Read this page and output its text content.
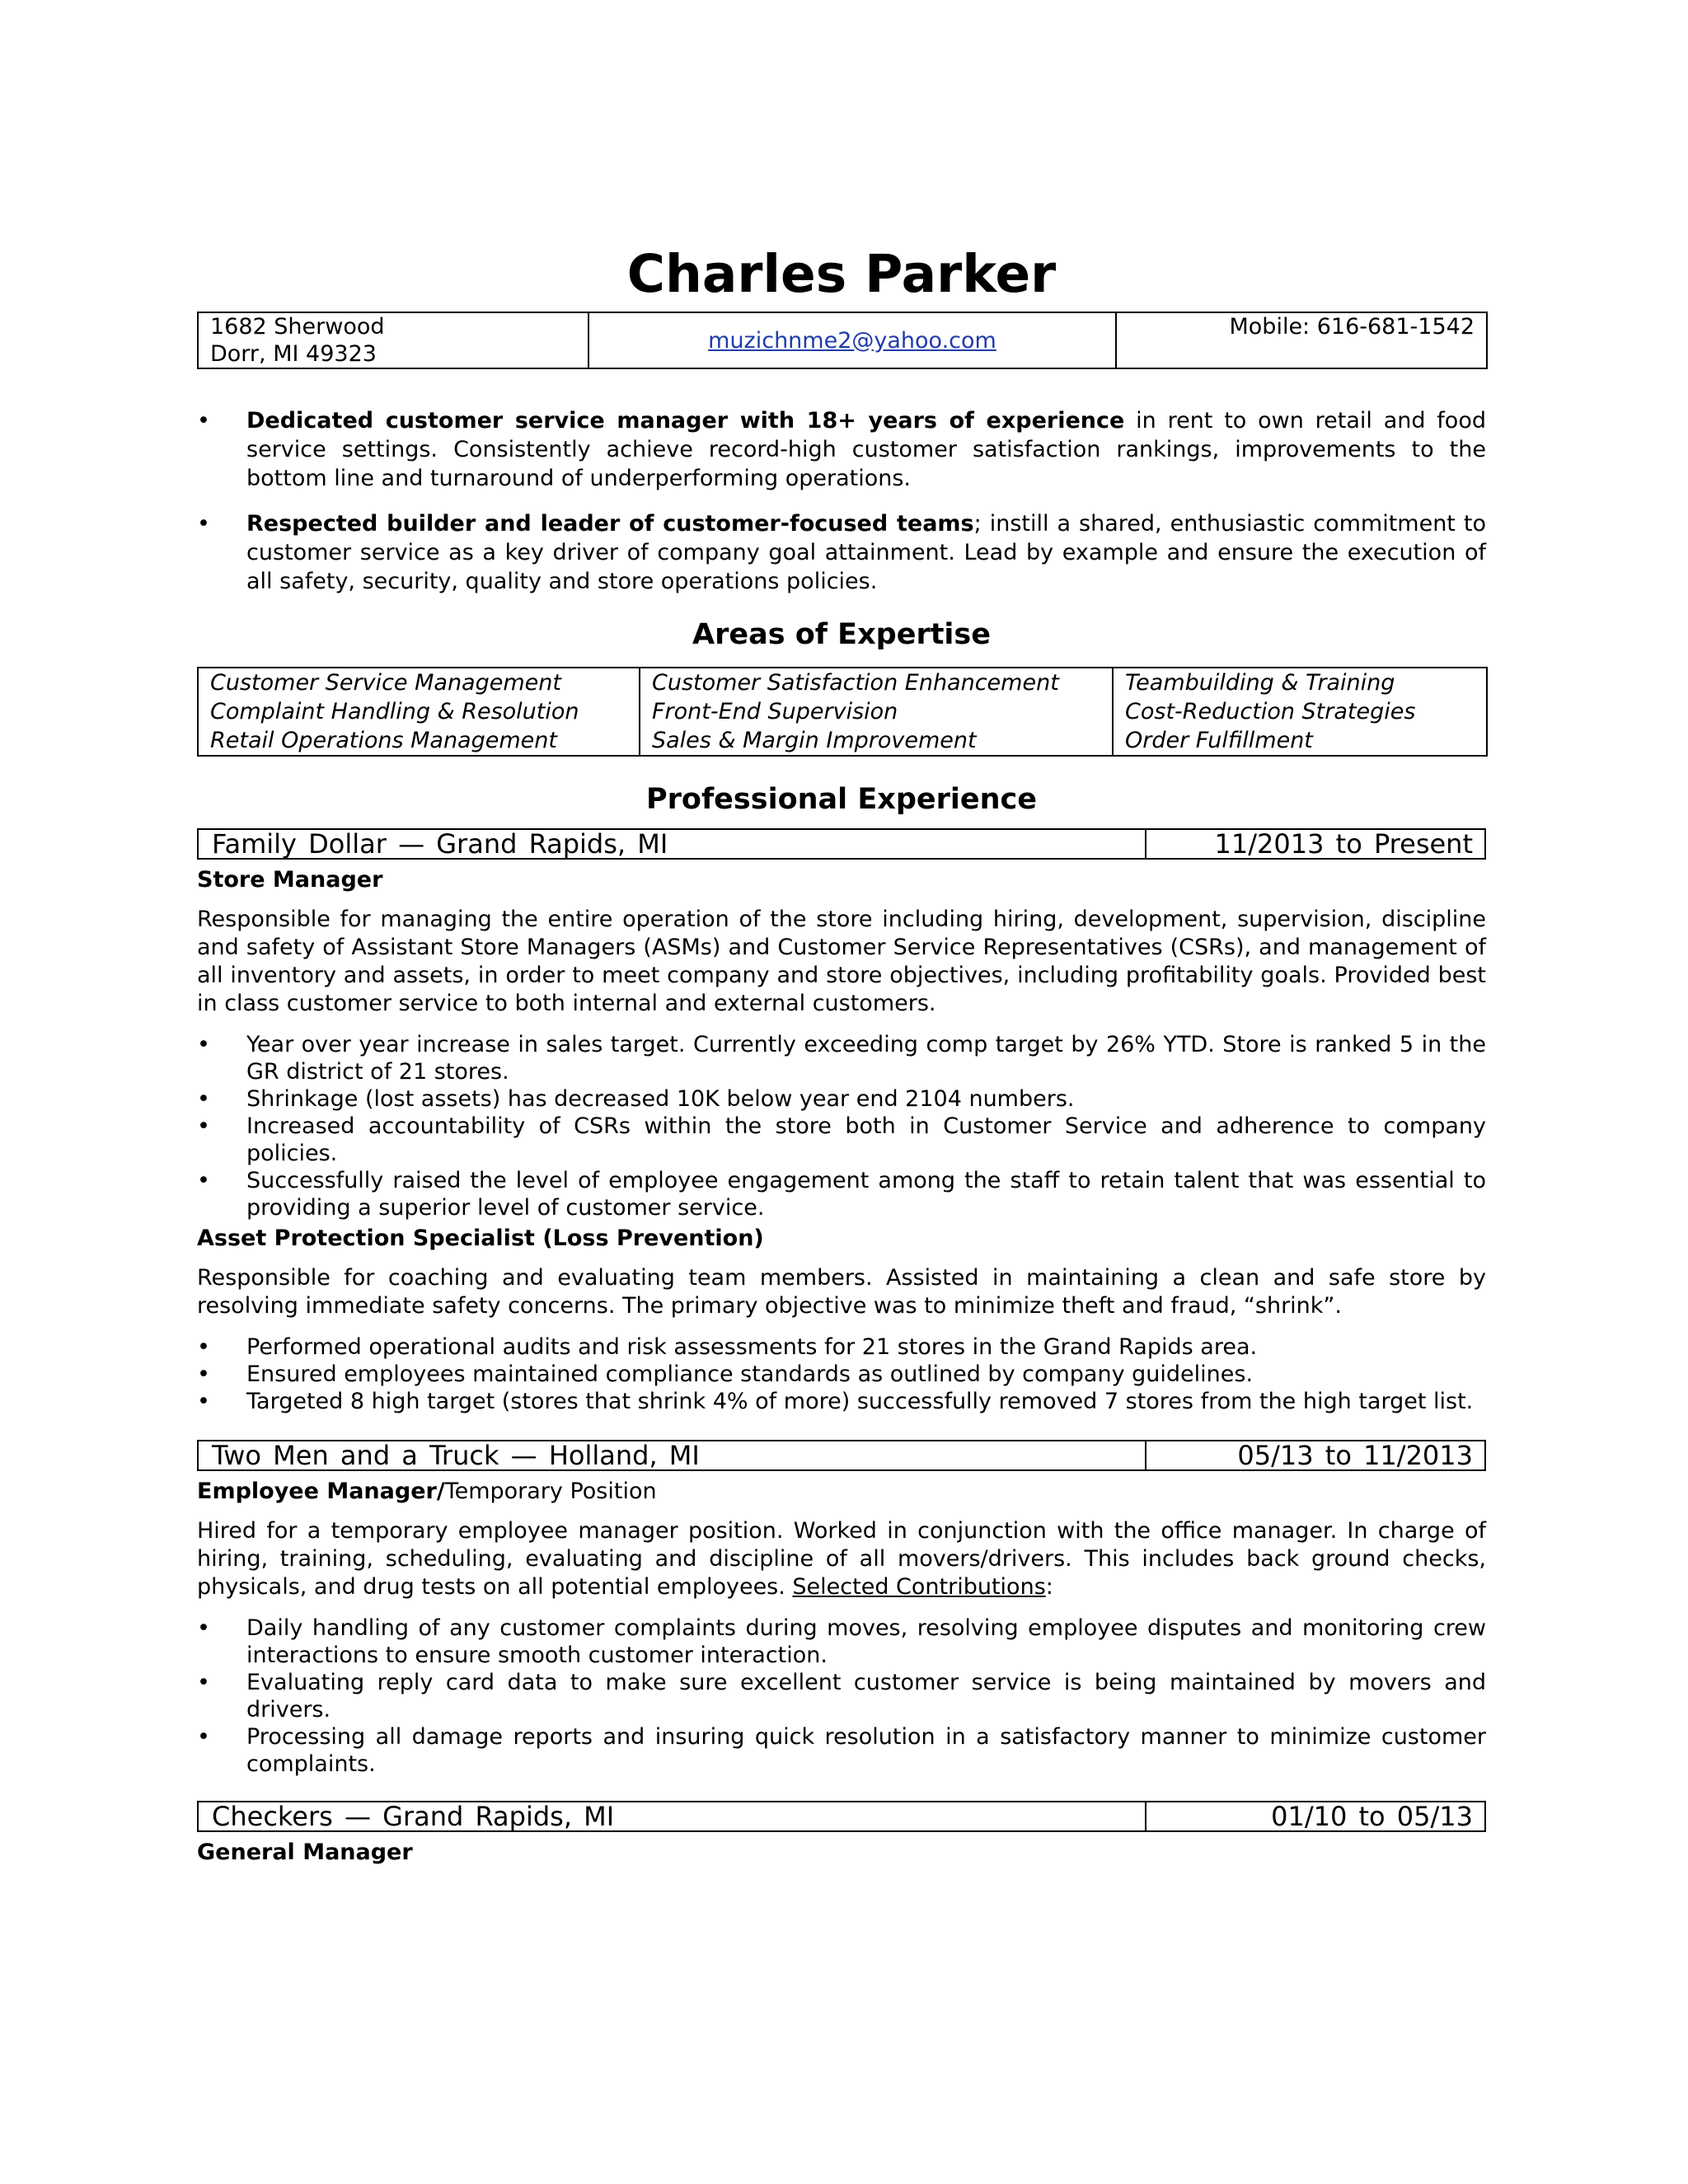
Charles Parker
1682 Sherwood
Dorr, MI 49323
	muzichnme2@yahoo.com	Mobile: 616-681-1542
• Dedicated customer service manager with 18+ years of experience in rent to own retail and food service settings. Consistently achieve record-high customer satisfaction rankings, improvements to the bottom line and turnaround of underperforming operations.
• Respected builder and leader of customer-focused teams; instill a shared, enthusiastic commitment to customer service as a key driver of company goal attainment. Lead by example and ensure the execution of all safety, security, quality and store operations policies.
Areas of Expertise
Customer Service Management
Complaint Handling & Resolution
Retail Operations Management

Customer Satisfaction Enhancement
Front-End Supervision
Sales & Margin Improvement

Teambuilding & Training
Cost-Reduction Strategies
Order Fulfillment
Professional Experience
Family Dollar — Grand Rapids, MI	11/2013 to Present
Store Manager

Responsible for managing the entire operation of the store including hiring, development, supervision, discipline and safety of Assistant Store Managers (ASMs) and Customer Service Representatives (CSRs), and management of all inventory and assets, in order to meet company and store objectives, including profitability goals. Provided best in class customer service to both internal and external customers.

• Year over year increase in sales target. Currently exceeding comp target by 26% YTD. Store is ranked 5 in the GR district of 21 stores.
• Shrinkage (lost assets) has decreased 10K below year end 2104 numbers.
• Increased accountability of CSRs within the store both in Customer Service and adherence to company policies.
• Successfully raised the level of employee engagement among the staff to retain talent that was essential to providing a superior level of customer service.
Asset Protection Specialist (Loss Prevention)

Responsible for coaching and evaluating team members. Assisted in maintaining a clean and safe store by resolving immediate safety concerns. The primary objective was to minimize theft and fraud, “shrink”.

• Performed operational audits and risk assessments for 21 stores in the Grand Rapids area.
• Ensured employees maintained compliance standards as outlined by company guidelines.
• Targeted 8 high target (stores that shrink 4% of more) successfully removed 7 stores from the high target list.
Two Men and a Truck — Holland, MI	05/13 to 11/2013
Employee Manager/Temporary Position

Hired for a temporary employee manager position. Worked in conjunction with the office manager. In charge of hiring, training, scheduling, evaluating and discipline of all movers/drivers. This includes back ground checks, physicals, and drug tests on all potential employees. Selected Contributions:

• Daily handling of any customer complaints during moves, resolving employee disputes and monitoring crew interactions to ensure smooth customer interaction.
• Evaluating reply card data to make sure excellent customer service is being maintained by movers and drivers.
• Processing all damage reports and insuring quick resolution in a satisfactory manner to minimize customer complaints.
Checkers — Grand Rapids, MI	01/10 to 05/13
General Manager
